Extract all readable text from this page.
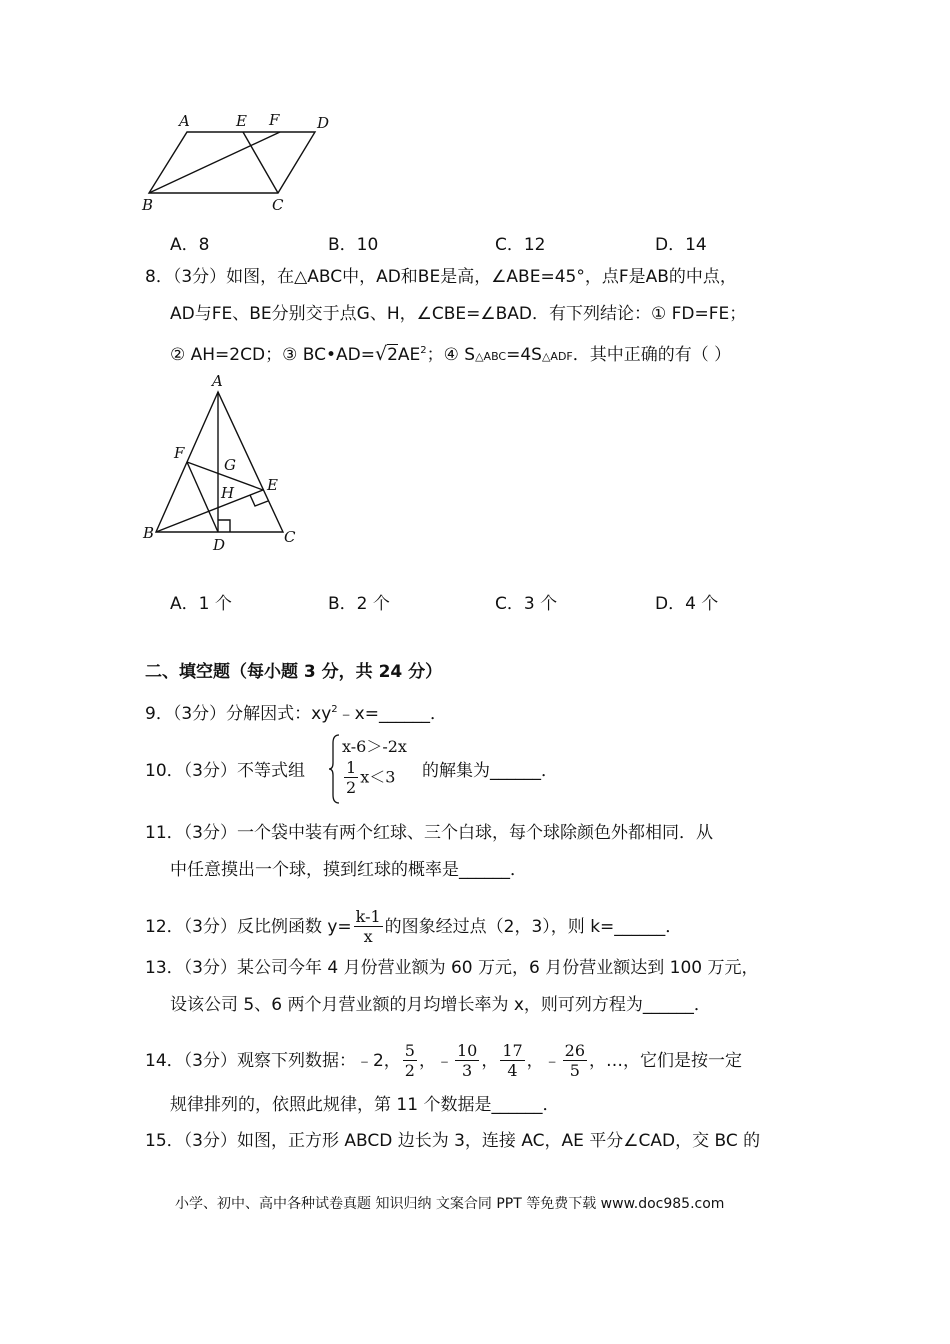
A	E F	D
B	C
A．8	B．10	C．12	D．14
8．（3分）如图，在△ABC中，AD和BE是高，∠ABE=45°，点F是AB的中点，
AD与FE、BE分别交于点G、H，∠CBE=∠BAD．有下列结论：① FD=FE；
② AH=2CD；③ $BC•AD=√2AE^2$；④ S△ABC=4S△ADF．其中正确的有（ ）
A
F
G
H E
B
D	C
A．1 个	B．2 个	C．3 个	D．4 个
二、填空题（每小题 3 分，共 24 分）
9．（3分）分解因式：$xy^2﹣x=\_\_\_\_\_\_$．
10．（3分）不等式组
x-6＞-2x
$\frac{1}{2} x<3$ 的解集为______．
11．（3分）一个袋中装有两个红球、三个白球，每个球除颜色外都相同．从
中任意摸出一个球，摸到红球的概率是______．
12．（3分）反比例函数 $y= \frac{k-1}{x}$ 的图象经过点（2，3），则 k=______．
13．（3分）某公司今年 4 月份营业额为 60 万元，6 月份营业额达到 100 万元，
设该公司 5、6 两个月营业额的月均增长率为 x，则可列方程为______．
14．（3分）观察下列数据：﹣2， $\frac{5}{2}$ ，﹣ $\frac{10}{3}$ ， $\frac{17}{4}$ ，﹣ $\frac{26}{5}$ ，…，它们是按一定
规律排列的，依照此规律，第 11 个数据是______．
15．（3分）如图，正方形 ABCD 边长为 3，连接 AC，AE 平分∠CAD，交 BC 的
小学、初中、高中各种试卷真题 知识归纳 文案合同 PPT 等免费下载 www.doc985.com
